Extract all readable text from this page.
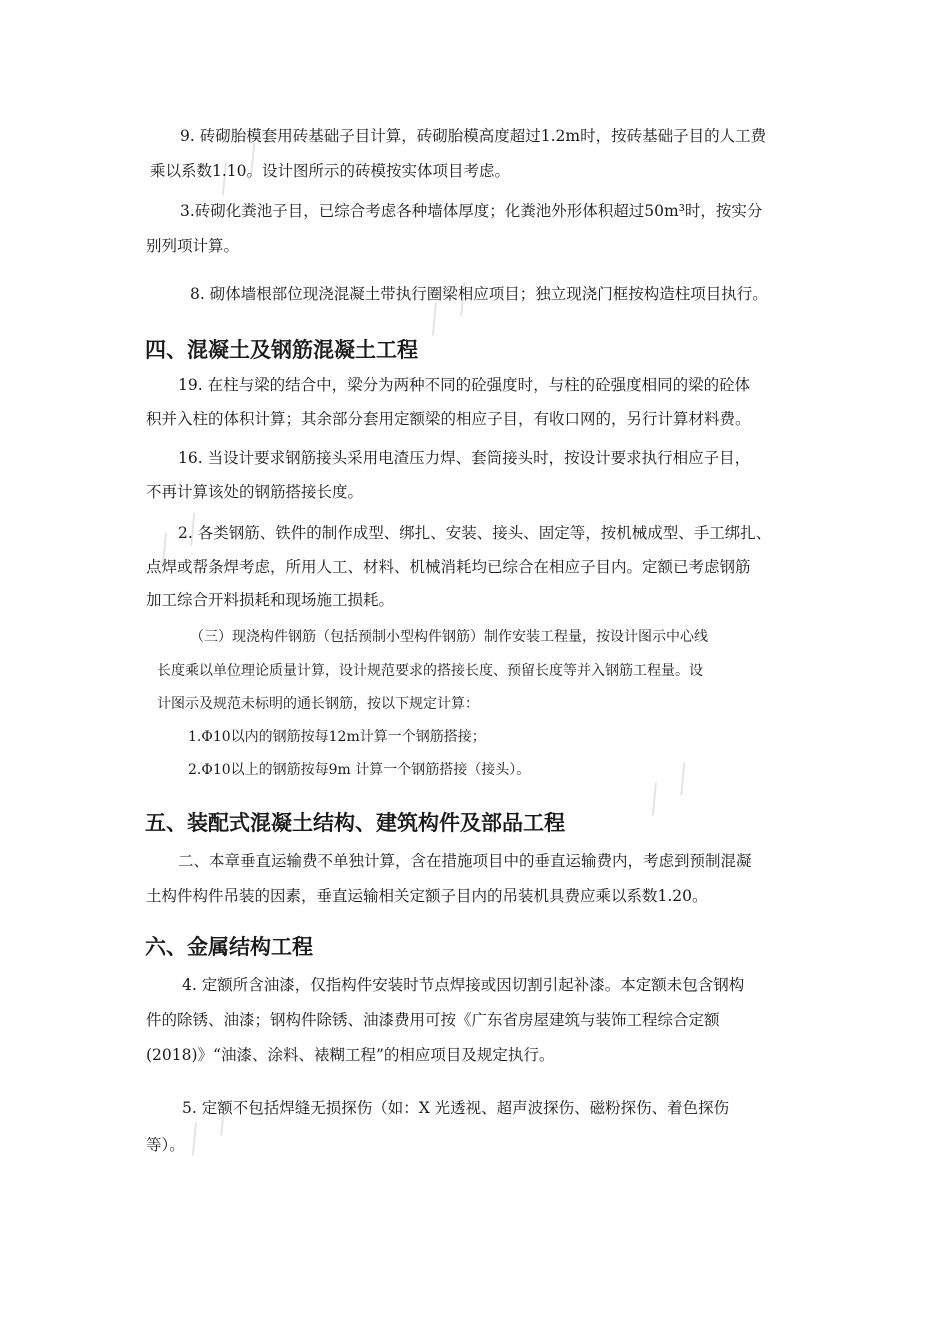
⟋ ⟋
⟋ ⟋
⟋ ⟋
⟋ ⟋
⟋ ⟋
9. 砖砌胎模套用砖基础子目计算，砖砌胎模高度超过1.2m时，按砖基础子目的人工费
乘以系数1.10。设计图所示的砖模按实体项目考虑。
3.砖砌化粪池子目，已综合考虑各种墙体厚度；化粪池外形体积超过50m³时，按实分
别列项计算。
8. 砌体墙根部位现浇混凝土带执行圈梁相应项目；独立现浇门框按构造柱项目执行。
四、混凝土及钢筋混凝土工程
19. 在柱与梁的结合中，梁分为两种不同的砼强度时，与柱的砼强度相同的梁的砼体
积并入柱的体积计算；其余部分套用定额梁的相应子目，有收口网的，另行计算材料费。
16. 当设计要求钢筋接头采用电渣压力焊、套筒接头时，按设计要求执行相应子目，
不再计算该处的钢筋搭接长度。
2. 各类钢筋、铁件的制作成型、绑扎、安装、接头、固定等，按机械成型、手工绑扎、
点焊或帮条焊考虑，所用人工、材料、机械消耗均已综合在相应子目内。定额已考虑钢筋
加工综合开料损耗和现场施工损耗。
（三）现浇构件钢筋（包括预制小型构件钢筋）制作安装工程量，按设计图示中心线
长度乘以单位理论质量计算，设计规范要求的搭接长度、预留长度等并入钢筋工程量。设
计图示及规范未标明的通长钢筋，按以下规定计算：
1.Φ10以内的钢筋按每12m计算一个钢筋搭接；
2.Φ10以上的钢筋按每9m 计算一个钢筋搭接（接头）。
五、装配式混凝土结构、建筑构件及部品工程
二、本章垂直运输费不单独计算，含在措施项目中的垂直运输费内，考虑到预制混凝
土构件构件吊装的因素，垂直运输相关定额子目内的吊装机具费应乘以系数1.20。
六、金属结构工程
4. 定额所含油漆，仅指构件安装时节点焊接或因切割引起补漆。本定额未包含钢构
件的除锈、油漆；钢构件除锈、油漆费用可按《广东省房屋建筑与装饰工程综合定额
(2018)》“油漆、涂料、裱糊工程”的相应项目及规定执行。
5. 定额不包括焊缝无损探伤（如：X 光透视、超声波探伤、磁粉探伤、着色探伤
等）。
